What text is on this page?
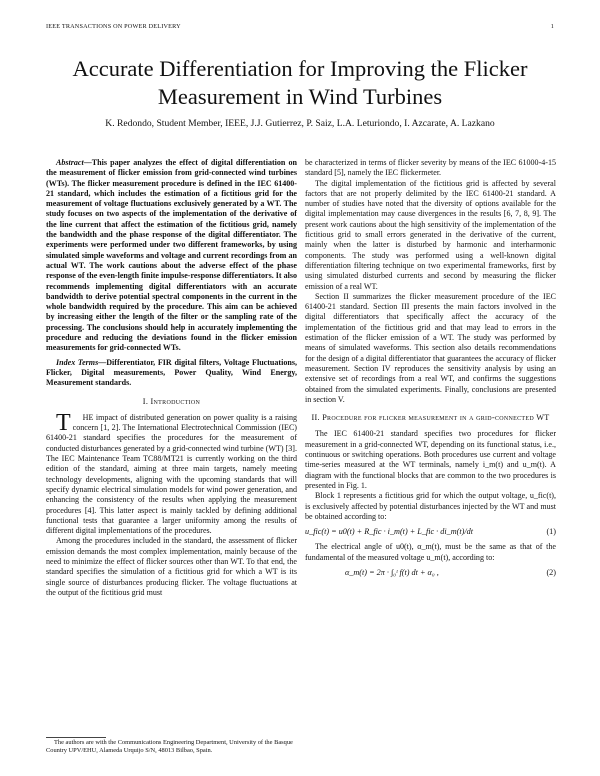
IEEE TRANSACTIONS ON POWER DELIVERY	1
Accurate Differentiation for Improving the Flicker Measurement in Wind Turbines
K. Redondo, Student Member, IEEE, J.J. Gutierrez, P. Saiz, L.A. Leturiondo, I. Azcarate, A. Lazkano

Abstract—This paper analyzes the effect of digital differentiation on the measurement of flicker emission from grid-connected wind turbines (WTs). The flicker measurement procedure is defined in the IEC 61400-21 standard, which includes the estimation of a fictitious grid for the measurement of voltage fluctuations exclusively generated by a WT. The study focuses on two aspects of the implementation of the derivative of the line current that affect the estimation of the fictitious grid, namely the bandwidth and the phase response of the digital differentiator. The experiments were performed under two different frameworks, by using simulated simple waveforms and voltage and current recordings from an actual WT. The work cautions about the adverse effect of the phase response of the even-length finite impulse-response differentiators. It also recommends implementing digital differentiators with an accurate bandwidth to derive potential spectral components in the current in the whole bandwidth required by the procedure. This aim can be achieved by increasing either the length of the filter or the sampling rate of the processing. The conclusions should help in accurately implementing the procedure and reducing the deviations found in the flicker emission measurements for grid-connected WTs.

Index Terms—Differentiator, FIR digital filters, Voltage Fluctuations, Flicker, Digital measurements, Power Quality, Wind Energy, Measurement standards.

I. Introduction

T HE impact of distributed generation on power quality is a raising concern [1, 2]. The International Electrotechnical Commission (IEC) 61400-21 standard specifies the procedures for the measurement of conducted disturbances generated by a grid-connected wind turbine (WT) [3]. The IEC Maintenance Team TC88/MT21 is currently working on the third edition of the standard, aiming at three main targets, namely meeting technology developments, aligning with the upcoming standards that will specify dynamic electrical simulation models for wind power generation, and enhancing the consistency of the results when applying the measurement procedures [4]. This latter aspect is mainly tackled by defining additional functional tests that guarantee a larger uniformity among the results of different digital implementations of the procedures.

Among the procedures included in the standard, the assessment of flicker emission demands the most complex implementation, mainly because of the need to minimize the effect of flicker sources other than WT. To that end, the standard specifies the simulation of a fictitious grid for which a WT is its single source of disturbances producing flicker. The voltage fluctuations at the output of the fictitious grid must

be characterized in terms of flicker severity by means of the IEC 61000-4-15 standard [5], namely the IEC flickermeter.

The digital implementation of the fictitious grid is affected by several factors that are not properly delimited by the IEC 61400-21 standard. A number of studies have noted that the diversity of options available for the digital implementation may cause divergences in the results [6, 7, 8, 9]. The present work cautions about the high sensitivity of the implementation of the fictitious grid to small errors generated in the derivative of the current, mainly when the latter is disturbed by harmonic and interharmonic components. The study was performed using a well-known digital differentiation filtering technique on two experimental frameworks, first by using simulated disturbed currents and second by measuring the flicker emission of a real WT.

Section II summarizes the flicker measurement procedure of the IEC 61400-21 standard. Section III presents the main factors involved in the digital differentiators that specifically affect the accuracy of the implementation of the fictitious grid and that may lead to errors in the estimation of the flicker emission of a WT. The study was performed by means of simulated waveforms. This section also details recommendations for the design of a digital differentiator that guarantees the accuracy of flicker measurement. Section IV reproduces the sensitivity analysis by using an extensive set of recordings from a real WT, and confirms the suggestions obtained from the simulated experiments. Finally, conclusions are presented in section V.

II. Procedure for flicker measurement in a grid-connected WT

The IEC 61400-21 standard specifies two procedures for flicker measurement in a grid-connected WT, depending on its functional status, i.e., continuous or switching operations. Both procedures use current and voltage time-series measured at the WT terminals, namely i_m(t) and u_m(t). A diagram with the functional blocks that are common to the two procedures is presented in Fig. 1.

Block 1 represents a fictitious grid for which the output voltage, u_fic(t), is exclusively affected by potential disturbances injected by the WT and must be obtained according to:

u_fic(t) = u0(t) + R_fic · i_m(t) + L_fic · di_m(t)/dt	(1)

The electrical angle of u0(t), α_m(t), must be the same as that of the fundamental of the measured voltage u_m(t), according to:

α_m(t) = 2π · ∫₀ᵗ f(t) dt + α₀ ,	(2)
The authors are with the Communications Engineering Department, University of the Basque Country UPV/EHU, Alameda Urquijo S/N, 48013 Bilbao, Spain.
